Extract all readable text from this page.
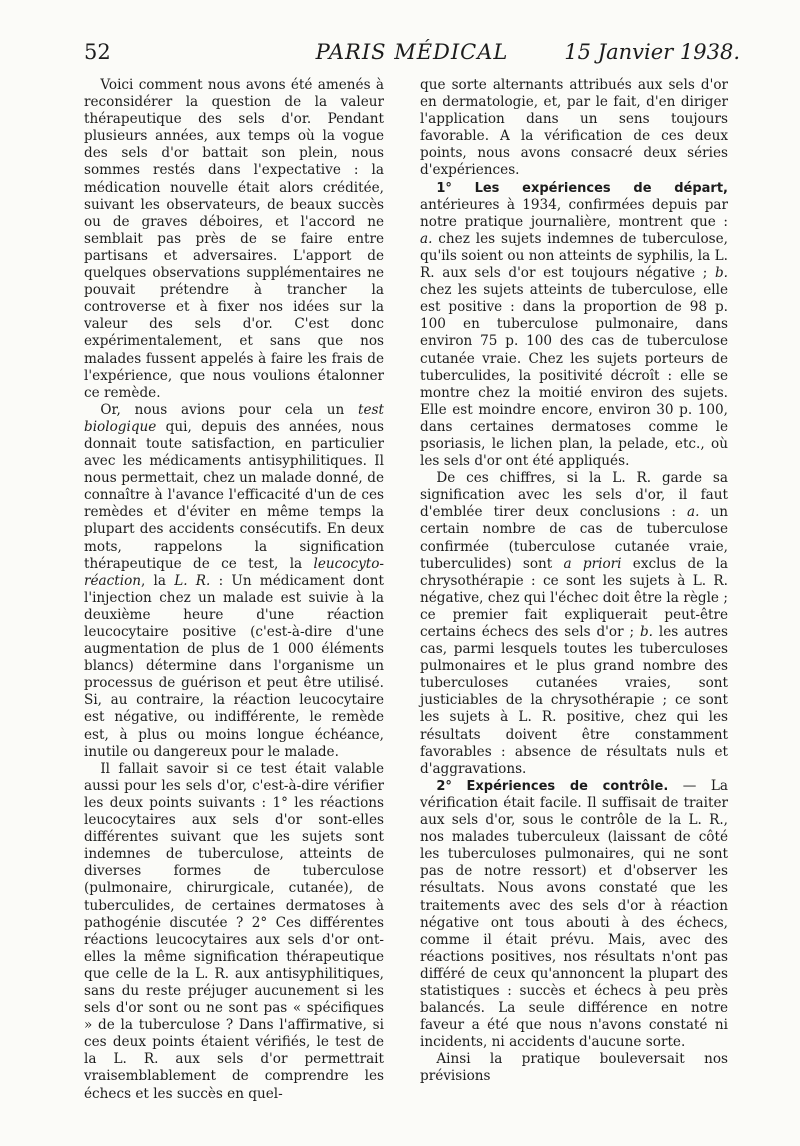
52	PARIS MÉDICAL	15 Janvier 1938.

Voici comment nous avons été amenés à reconsidérer la question de la valeur thérapeutique des sels d'or. Pendant plusieurs années, aux temps où la vogue des sels d'or battait son plein, nous sommes restés dans l'expectative : la médication nouvelle était alors créditée, suivant les observateurs, de beaux succès ou de graves déboires, et l'accord ne semblait pas près de se faire entre partisans et adversaires. L'apport de quelques observations supplémentaires ne pouvait prétendre à trancher la controverse et à fixer nos idées sur la valeur des sels d'or. C'est donc expérimentalement, et sans que nos malades fussent appelés à faire les frais de l'expérience, que nous voulions étalonner ce remède.

Or, nous avions pour cela un test biologique qui, depuis des années, nous donnait toute satisfaction, en particulier avec les médicaments antisyphilitiques. Il nous permettait, chez un malade donné, de connaître à l'avance l'efficacité d'un de ces remèdes et d'éviter en même temps la plupart des accidents consécutifs. En deux mots, rappelons la signification thérapeutique de ce test, la leucocyto-réaction, la L. R. : Un médicament dont l'injection chez un malade est suivie à la deuxième heure d'une réaction leucocytaire positive (c'est-à-dire d'une augmentation de plus de 1 000 éléments blancs) détermine dans l'organisme un processus de guérison et peut être utilisé. Si, au contraire, la réaction leucocytaire est négative, ou indifférente, le remède est, à plus ou moins longue échéance, inutile ou dangereux pour le malade.

Il fallait savoir si ce test était valable aussi pour les sels d'or, c'est-à-dire vérifier les deux points suivants : 1° les réactions leucocytaires aux sels d'or sont-elles différentes suivant que les sujets sont indemnes de tuberculose, atteints de diverses formes de tuberculose (pulmonaire, chirurgicale, cutanée), de tuberculides, de certaines dermatoses à pathogénie discutée ? 2° Ces différentes réactions leucocytaires aux sels d'or ont-elles la même signification thérapeutique que celle de la L. R. aux antisyphilitiques, sans du reste préjuger aucunement si les sels d'or sont ou ne sont pas « spécifiques » de la tuberculose ? Dans l'affirmative, si ces deux points étaient vérifiés, le test de la L. R. aux sels d'or permettrait vraisemblablement de comprendre les échecs et les succès en quel-

que sorte alternants attribués aux sels d'or en dermatologie, et, par le fait, d'en diriger l'application dans un sens toujours favorable. A la vérification de ces deux points, nous avons consacré deux séries d'expériences.

1° Les expériences de départ, antérieures à 1934, confirmées depuis par notre pratique journalière, montrent que : a. chez les sujets indemnes de tuberculose, qu'ils soient ou non atteints de syphilis, la L. R. aux sels d'or est toujours négative ; b. chez les sujets atteints de tuberculose, elle est positive : dans la proportion de 98 p. 100 en tuberculose pulmonaire, dans environ 75 p. 100 des cas de tuberculose cutanée vraie. Chez les sujets porteurs de tuberculides, la positivité décroît : elle se montre chez la moitié environ des sujets. Elle est moindre encore, environ 30 p. 100, dans certaines dermatoses comme le psoriasis, le lichen plan, la pelade, etc., où les sels d'or ont été appliqués.

De ces chiffres, si la L. R. garde sa signification avec les sels d'or, il faut d'emblée tirer deux conclusions : a. un certain nombre de cas de tuberculose confirmée (tuberculose cutanée vraie, tuberculides) sont a priori exclus de la chrysothérapie : ce sont les sujets à L. R. négative, chez qui l'échec doit être la règle ; ce premier fait expliquerait peut-être certains échecs des sels d'or ; b. les autres cas, parmi lesquels toutes les tuberculoses pulmonaires et le plus grand nombre des tuberculoses cutanées vraies, sont justiciables de la chrysothérapie ; ce sont les sujets à L. R. positive, chez qui les résultats doivent être constamment favorables : absence de résultats nuls et d'aggravations.

2° Expériences de contrôle. — La vérification était facile. Il suffisait de traiter aux sels d'or, sous le contrôle de la L. R., nos malades tuberculeux (laissant de côté les tuberculoses pulmonaires, qui ne sont pas de notre ressort) et d'observer les résultats. Nous avons constaté que les traitements avec des sels d'or à réaction négative ont tous abouti à des échecs, comme il était prévu. Mais, avec des réactions positives, nos résultats n'ont pas différé de ceux qu'annoncent la plupart des statistiques : succès et échecs à peu près balancés. La seule différence en notre faveur a été que nous n'avons constaté ni incidents, ni accidents d'aucune sorte.

Ainsi la pratique bouleversait nos prévisions
